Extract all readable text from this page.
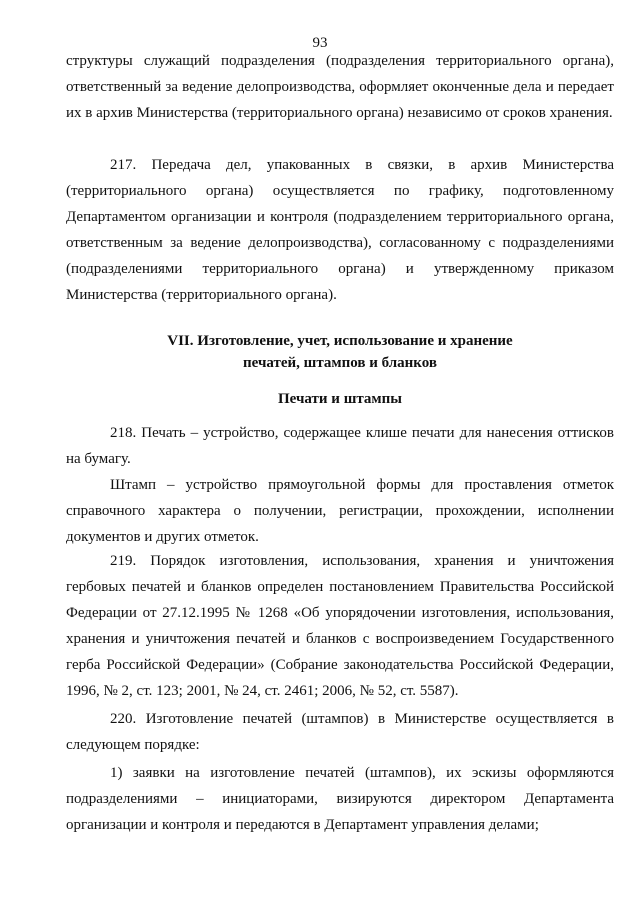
93

структуры служащий подразделения (подразделения территориального органа), ответственный за ведение делопроизводства, оформляет оконченные дела и передает их в архив Министерства (территориального органа) независимо от сроков хранения.

217. Передача дел, упакованных в связки, в архив Министерства (территориального органа) осуществляется по графику, подготовленному Департаментом организации и контроля (подразделением территориального органа, ответственным за ведение делопроизводства), согласованному с подразделениями (подразделениями территориального органа) и утвержденному приказом Министерства (территориального органа).

VII. Изготовление, учет, использование и хранение

печатей, штампов и бланков

Печати и штампы

218. Печать – устройство, содержащее клише печати для нанесения оттисков на бумагу.

Штамп – устройство прямоугольной формы для проставления отметок справочного характера о получении, регистрации, прохождении, исполнении документов и других отметок.

219. Порядок изготовления, использования, хранения и уничтожения гербовых печатей и бланков определен постановлением Правительства Российской Федерации от 27.12.1995 № 1268 «Об упорядочении изготовления, использования, хранения и уничтожения печатей и бланков с воспроизведением Государственного герба Российской Федерации» (Собрание законодательства Российской Федерации, 1996, № 2, ст. 123; 2001, № 24, ст. 2461; 2006, № 52, ст. 5587).

220. Изготовление печатей (штампов) в Министерстве осуществляется в следующем порядке:

1) заявки на изготовление печатей (штампов), их эскизы оформляются подразделениями – инициаторами, визируются директором Департамента организации и контроля и передаются в Департамент управления делами;
